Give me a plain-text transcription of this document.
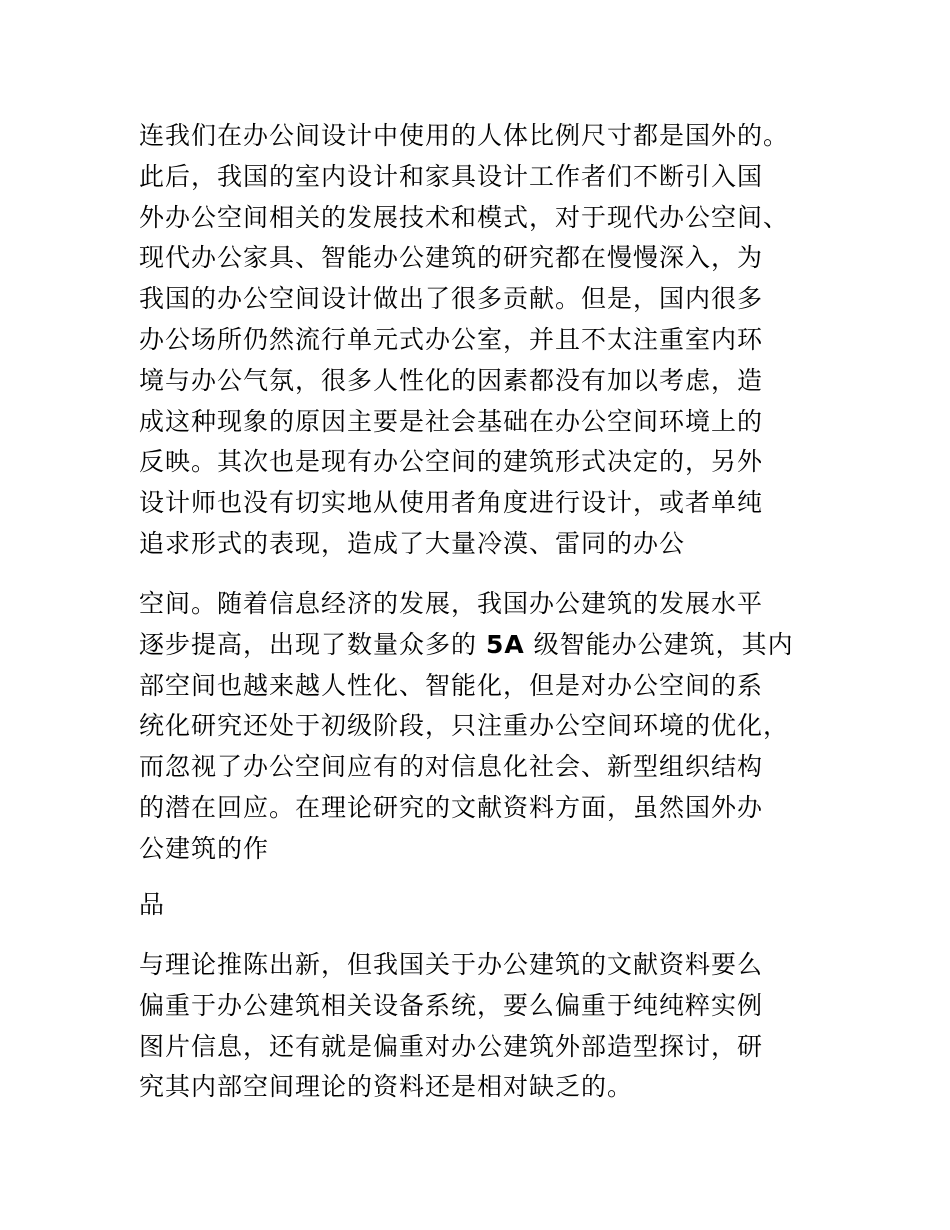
连我们在办公间设计中使用的人体比例尺寸都是国外的。
此后，我国的室内设计和家具设计工作者们不断引入国
外办公空间相关的发展技术和模式，对于现代办公空间、
现代办公家具、智能办公建筑的研究都在慢慢深入，为
我国的办公空间设计做出了很多贡献。但是，国内很多
办公场所仍然流行单元式办公室，并且不太注重室内环
境与办公气氛，很多人性化的因素都没有加以考虑，造
成这种现象的原因主要是社会基础在办公空间环境上的
反映。其次也是现有办公空间的建筑形式决定的，另外
设计师也没有切实地从使用者角度进行设计，或者单纯
追求形式的表现，造成了大量冷漠、雷同的办公
空间。随着信息经济的发展，我国办公建筑的发展水平
逐步提高，出现了数量众多的 5A 级智能办公建筑，其内
部空间也越来越人性化、智能化，但是对办公空间的系
统化研究还处于初级阶段，只注重办公空间环境的优化，
而忽视了办公空间应有的对信息化社会、新型组织结构
的潜在回应。在理论研究的文献资料方面，虽然国外办
公建筑的作
品
与理论推陈出新，但我国关于办公建筑的文献资料要么
偏重于办公建筑相关设备系统，要么偏重于纯纯粹实例
图片信息，还有就是偏重对办公建筑外部造型探讨，研
究其内部空间理论的资料还是相对缺乏的。
